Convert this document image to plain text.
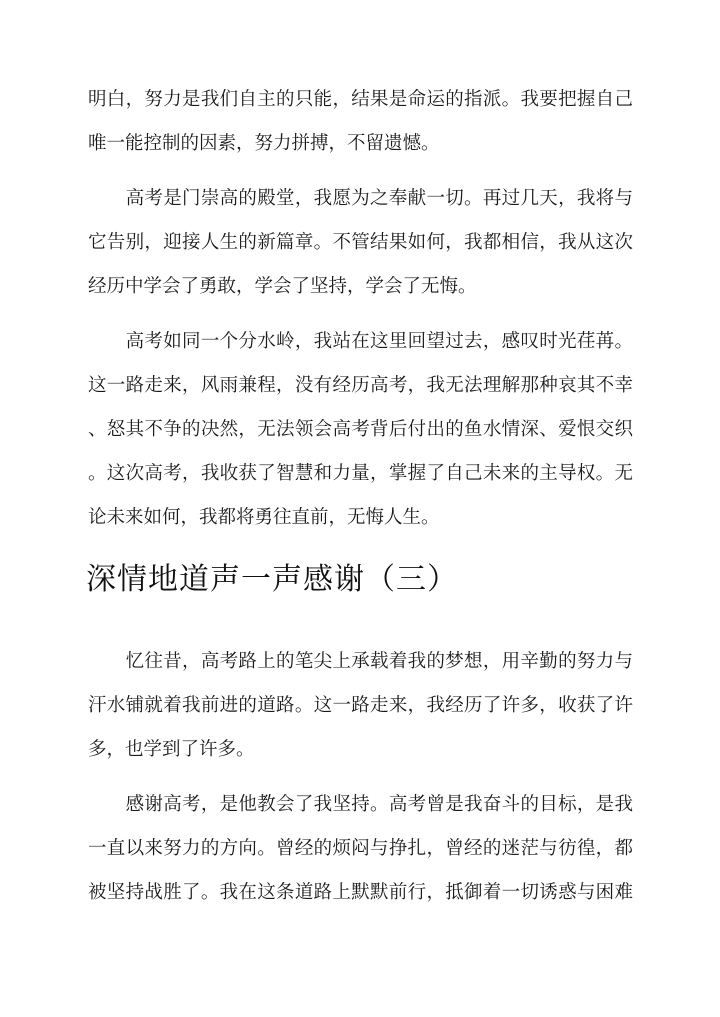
明白，努力是我们自主的只能，结果是命运的指派。我要把握自己
唯一能控制的因素，努力拼搏，不留遗憾。
　　高考是门崇高的殿堂，我愿为之奉献一切。再过几天，我将与
它告别，迎接人生的新篇章。不管结果如何，我都相信，我从这次
经历中学会了勇敢，学会了坚持，学会了无悔。
　　高考如同一个分水岭，我站在这里回望过去，感叹时光荏苒。
这一路走来，风雨兼程，没有经历高考，我无法理解那种哀其不幸
、怒其不争的决然，无法领会高考背后付出的鱼水情深、爱恨交织
。这次高考，我收获了智慧和力量，掌握了自己未来的主导权。无
论未来如何，我都将勇往直前，无悔人生。
深情地道声一声感谢（三）
　　忆往昔，高考路上的笔尖上承载着我的梦想，用辛勤的努力与
汗水铺就着我前进的道路。这一路走来，我经历了许多，收获了许
多，也学到了许多。
　　感谢高考，是他教会了我坚持。高考曾是我奋斗的目标，是我
一直以来努力的方向。曾经的烦闷与挣扎，曾经的迷茫与彷徨，都
被坚持战胜了。我在这条道路上默默前行，抵御着一切诱惑与困难
